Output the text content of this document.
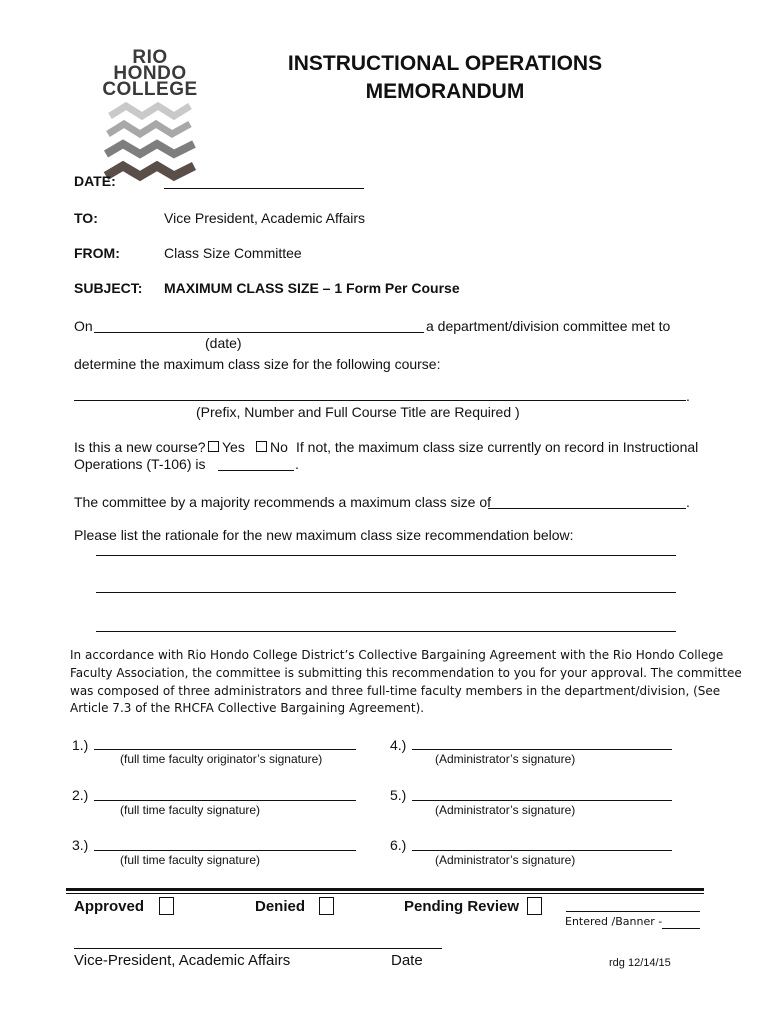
RIO
HONDO
COLLEGE
INSTRUCTIONAL OPERATIONS
MEMORANDUM
DATE:
TO:	Vice President, Academic Affairs
FROM:	Class Size Committee
SUBJECT: MAXIMUM CLASS SIZE – 1 Form Per Course
On	a department/division committee met to
(date)
determine the maximum class size for the following course:
.
(Prefix, Number and Full Course Title are Required )
Is this a new course? Yes No If not, the maximum class size currently on record in Instructional
Operations (T-106) is	.
The committee by a majority recommends a maximum class size of	.
Please list the rationale for the new maximum class size recommendation below:
In accordance with Rio Hondo College District’s Collective Bargaining Agreement with the Rio Hondo College
Faculty Association, the committee is submitting this recommendation to you for your approval. The committee
was composed of three administrators and three full-time faculty members in the department/division, (See
Article 7.3 of the RHCFA Collective Bargaining Agreement).
1.)
(full time faculty originator’s signature)
2.)
(full time faculty signature)
3.)
(full time faculty signature)
4.)
(Administrator’s signature)
5.)
(Administrator’s signature)
6.)
(Administrator’s signature)
Approved	Denied	Pending Review
Entered /Banner -
Vice-President, Academic Affairs	Date	rdg 12/14/15
